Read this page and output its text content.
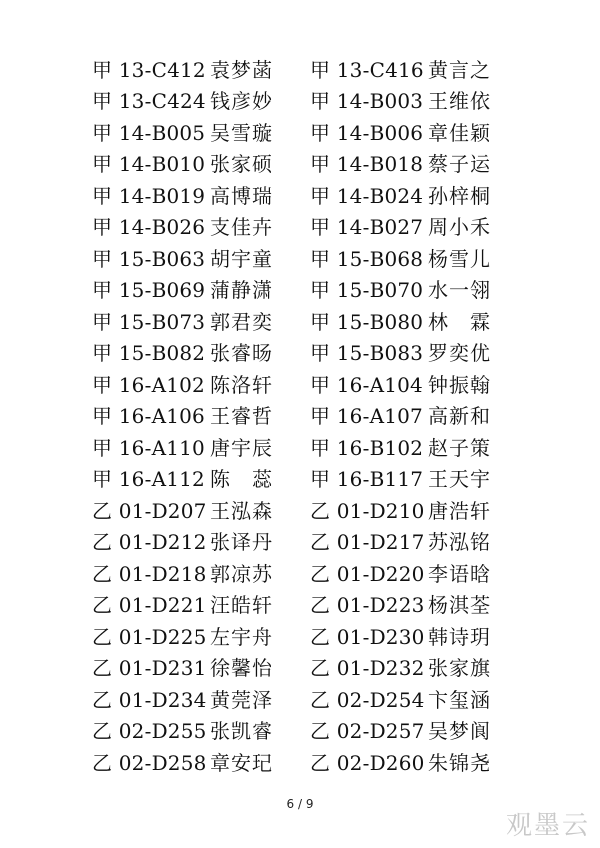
甲 13-C412 袁梦菡 甲 13-C416 黄言之
甲 13-C424 钱彦妙 甲 14-B003 王维依
甲 14-B005 吴雪璇 甲 14-B006 章佳颖
甲 14-B010 张家硕 甲 14-B018 蔡子运
甲 14-B019 高博瑞 甲 14-B024 孙梓桐
甲 14-B026 支佳卉 甲 14-B027 周小禾
甲 15-B063 胡宇童 甲 15-B068 杨雪儿
甲 15-B069 蒲静潇 甲 15-B070 水一翎
甲 15-B073 郭君奕 甲 15-B080 林　霖
甲 15-B082 张睿旸 甲 15-B083 罗奕优
甲 16-A102 陈洛轩 甲 16-A104 钟振翰
甲 16-A106 王睿哲 甲 16-A107 高新和
甲 16-A110 唐宇辰 甲 16-B102 赵子策
甲 16-A112 陈　蕊 甲 16-B117 王天宇
乙 01-D207 王泓森 乙 01-D210 唐浩轩
乙 01-D212 张译丹 乙 01-D217 苏泓铭
乙 01-D218 郭凉苏 乙 01-D220 李语晗
乙 01-D221 汪皓轩 乙 01-D223 杨淇荃
乙 01-D225 左宇舟 乙 01-D230 韩诗玥
乙 01-D231 徐馨怡 乙 01-D232 张家旗
乙 01-D234 黄莞泽 乙 02-D254 卞玺涵
乙 02-D255 张凯睿 乙 02-D257 吴梦阆
乙 02-D258 章安玘 乙 02-D260 朱锦尧
6 / 9
观墨云
